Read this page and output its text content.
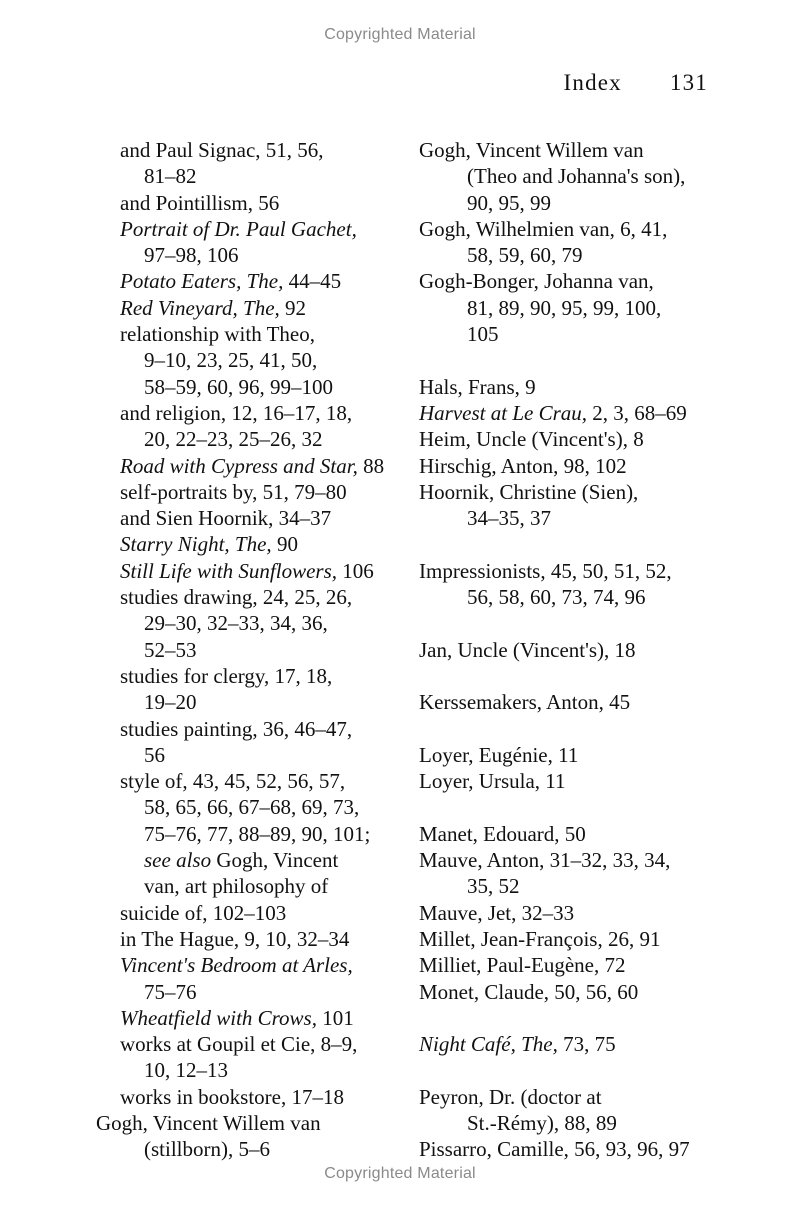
Copyrighted Material
Index 131
and Paul Signac, 51, 56,
81–82
and Pointillism, 56
Portrait of Dr. Paul Gachet,
97–98, 106
Potato Eaters, The, 44–45
Red Vineyard, The, 92
relationship with Theo,
9–10, 23, 25, 41, 50,
58–59, 60, 96, 99–100
and religion, 12, 16–17, 18,
20, 22–23, 25–26, 32
Road with Cypress and Star, 88
self-portraits by, 51, 79–80
and Sien Hoornik, 34–37
Starry Night, The, 90
Still Life with Sunflowers, 106
studies drawing, 24, 25, 26,
29–30, 32–33, 34, 36,
52–53
studies for clergy, 17, 18,
19–20
studies painting, 36, 46–47,
56
style of, 43, 45, 52, 56, 57,
58, 65, 66, 67–68, 69, 73,
75–76, 77, 88–89, 90, 101;
see also Gogh, Vincent
van, art philosophy of
suicide of, 102–103
in The Hague, 9, 10, 32–34
Vincent's Bedroom at Arles,
75–76
Wheatfield with Crows, 101
works at Goupil et Cie, 8–9,
10, 12–13
works in bookstore, 17–18
Gogh, Vincent Willem van
(stillborn), 5–6
Gogh, Vincent Willem van
(Theo and Johanna's son),
90, 95, 99
Gogh, Wilhelmien van, 6, 41,
58, 59, 60, 79
Gogh-Bonger, Johanna van,
81, 89, 90, 95, 99, 100,
105
Hals, Frans, 9
Harvest at Le Crau, 2, 3, 68–69
Heim, Uncle (Vincent's), 8
Hirschig, Anton, 98, 102
Hoornik, Christine (Sien),
34–35, 37
Impressionists, 45, 50, 51, 52,
56, 58, 60, 73, 74, 96
Jan, Uncle (Vincent's), 18
Kerssemakers, Anton, 45
Loyer, Eugénie, 11
Loyer, Ursula, 11
Manet, Edouard, 50
Mauve, Anton, 31–32, 33, 34,
35, 52
Mauve, Jet, 32–33
Millet, Jean-François, 26, 91
Milliet, Paul-Eugène, 72
Monet, Claude, 50, 56, 60
Night Café, The, 73, 75
Peyron, Dr. (doctor at
St.-Rémy), 88, 89
Pissarro, Camille, 56, 93, 96, 97
Copyrighted Material
